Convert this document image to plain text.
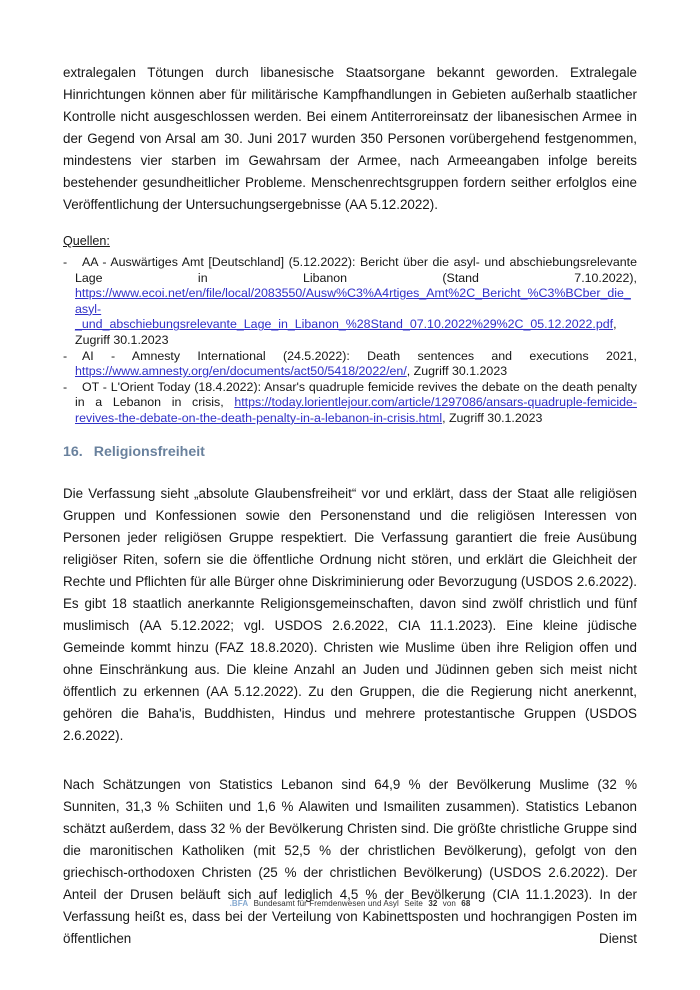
extralegalen Tötungen durch libanesische Staatsorgane bekannt geworden. Extralegale Hinrichtungen können aber für militärische Kampfhandlungen in Gebieten außerhalb staatlicher Kontrolle nicht ausgeschlossen werden. Bei einem Antiterroreinsatz der libanesischen Armee in der Gegend von Arsal am 30. Juni 2017 wurden 350 Personen vorübergehend festgenommen, mindestens vier starben im Gewahrsam der Armee, nach Armeeangaben infolge bereits bestehender gesundheitlicher Probleme. Menschenrechtsgruppen fordern seither erfolglos eine Veröffentlichung der Untersuchungsergebnisse (AA 5.12.2022).

Quellen:
- AA - Auswärtiges Amt [Deutschland] (5.12.2022): Bericht über die asyl- und abschiebungsrelevante Lage in Libanon (Stand 7.10.2022), https://www.ecoi.net/en/file/local/2083550/Ausw%C3%A4rtiges_Amt%2C_Bericht_%C3%BCber_die_asyl-_und_abschiebungsrelevante_Lage_in_Libanon_%28Stand_07.10.2022%29%2C_05.12.2022.pdf, Zugriff 30.1.2023
- AI - Amnesty International (24.5.2022): Death sentences and executions 2021, https://www.amnesty.org/en/documents/act50/5418/2022/en/, Zugriff 30.1.2023
- OT - L'Orient Today (18.4.2022): Ansar's quadruple femicide revives the debate on the death penalty in a Lebanon in crisis, https://today.lorientlejour.com/article/1297086/ansars-quadruple-femicide-revives-the-debate-on-the-death-penalty-in-a-lebanon-in-crisis.html, Zugriff 30.1.2023
16. Religionsfreiheit

Die Verfassung sieht „absolute Glaubensfreiheit“ vor und erklärt, dass der Staat alle religiösen Gruppen und Konfessionen sowie den Personenstand und die religiösen Interessen von Personen jeder religiösen Gruppe respektiert. Die Verfassung garantiert die freie Ausübung religiöser Riten, sofern sie die öffentliche Ordnung nicht stören, und erklärt die Gleichheit der Rechte und Pflichten für alle Bürger ohne Diskriminierung oder Bevorzugung (USDOS 2.6.2022). Es gibt 18 staatlich anerkannte Religionsgemeinschaften, davon sind zwölf christlich und fünf muslimisch (AA 5.12.2022; vgl. USDOS 2.6.2022, CIA 11.1.2023). Eine kleine jüdische Gemeinde kommt hinzu (FAZ 18.8.2020). Christen wie Muslime üben ihre Religion offen und ohne Einschränkung aus. Die kleine Anzahl an Juden und Jüdinnen geben sich meist nicht öffentlich zu erkennen (AA 5.12.2022). Zu den Gruppen, die die Regierung nicht anerkennt, gehören die Baha'is, Buddhisten, Hindus und mehrere protestantische Gruppen (USDOS 2.6.2022).

Nach Schätzungen von Statistics Lebanon sind 64,9 % der Bevölkerung Muslime (32 % Sunniten, 31,3 % Schiiten und 1,6 % Alawiten und Ismailiten zusammen). Statistics Lebanon schätzt außerdem, dass 32 % der Bevölkerung Christen sind. Die größte christliche Gruppe sind die maronitischen Katholiken (mit 52,5 % der christlichen Bevölkerung), gefolgt von den griechisch-orthodoxen Christen (25 % der christlichen Bevölkerung) (USDOS 2.6.2022). Der Anteil der Drusen beläuft sich auf lediglich 4,5 % der Bevölkerung (CIA 11.1.2023). In der Verfassung heißt es, dass bei der Verteilung von Kabinettsposten und hochrangigen Posten im öffentlichen Dienst

.BFA Bundesamt für Fremdenwesen und Asyl Seite 32 von 68
